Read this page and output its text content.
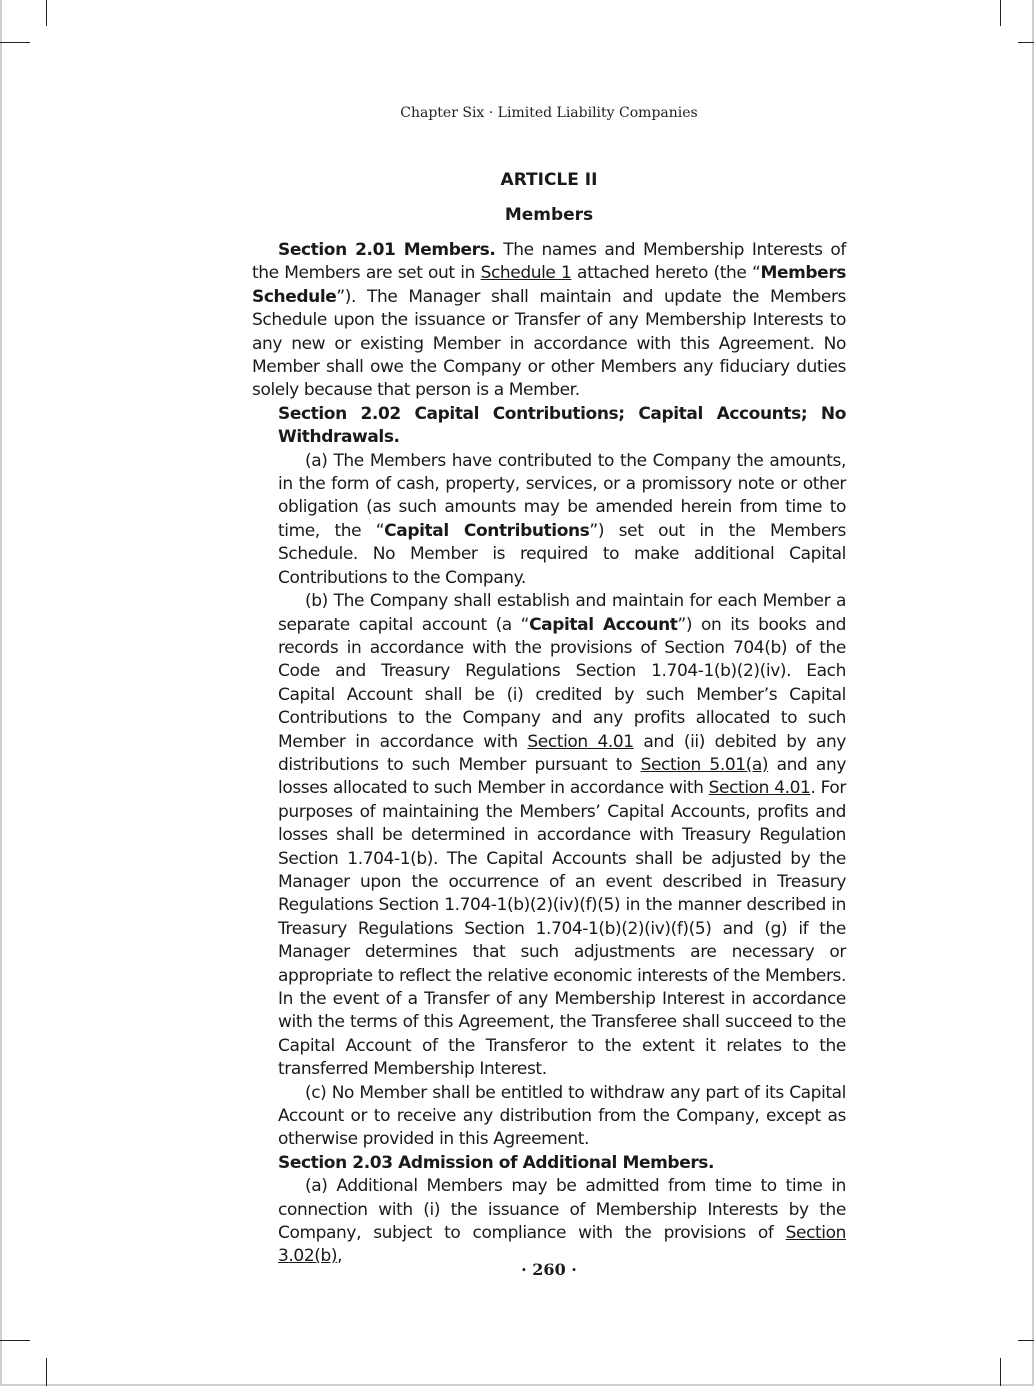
Chapter Six · Limited Liability Companies
ARTICLE II
Members

Section 2.01 Members. The names and Membership Interests of the Members are set out in Schedule 1 attached hereto (the “Members Schedule”). The Manager shall maintain and update the Members Schedule upon the issuance or Transfer of any Membership Interests to any new or existing Member in accordance with this Agreement. No Member shall owe the Company or other Members any fiduciary duties solely because that person is a Member.

Section 2.02 Capital Contributions; Capital Accounts; No Withdrawals.

(a) The Members have contributed to the Company the amounts, in the form of cash, property, services, or a promissory note or other obligation (as such amounts may be amended herein from time to time, the “Capital Contributions”) set out in the Members Schedule. No Member is required to make additional Capital Contributions to the Company.

(b) The Company shall establish and maintain for each Member a separate capital account (a “Capital Account”) on its books and records in accordance with the provisions of Section 704(b) of the Code and Treasury Regulations Section 1.704-1(b)(2)(iv). Each Capital Account shall be (i) credited by such Member’s Capital Contributions to the Company and any profits allocated to such Member in accordance with Section 4.01 and (ii) debited by any distributions to such Member pursuant to Section 5.01(a) and any losses allocated to such Member in accordance with Section 4.01. For purposes of maintaining the Members’ Capital Accounts, profits and losses shall be determined in accordance with Treasury Regulation Section 1.704-1(b). The Capital Accounts shall be adjusted by the Manager upon the occurrence of an event described in Treasury Regulations Section 1.704-1(b)(2)(iv)(f)(5) in the manner described in Treasury Regulations Section 1.704-1(b)(2)(iv)(f)(5) and (g) if the Manager determines that such adjustments are necessary or appropriate to reflect the relative economic interests of the Members. In the event of a Transfer of any Membership Interest in accordance with the terms of this Agreement, the Transferee shall succeed to the Capital Account of the Transferor to the extent it relates to the transferred Membership Interest.

(c) No Member shall be entitled to withdraw any part of its Capital Account or to receive any distribution from the Company, except as otherwise provided in this Agreement.

Section 2.03 Admission of Additional Members.

(a) Additional Members may be admitted from time to time in connection with (i) the issuance of Membership Interests by the Company, subject to compliance with the provisions of Section 3.02(b),

· 260 ·
